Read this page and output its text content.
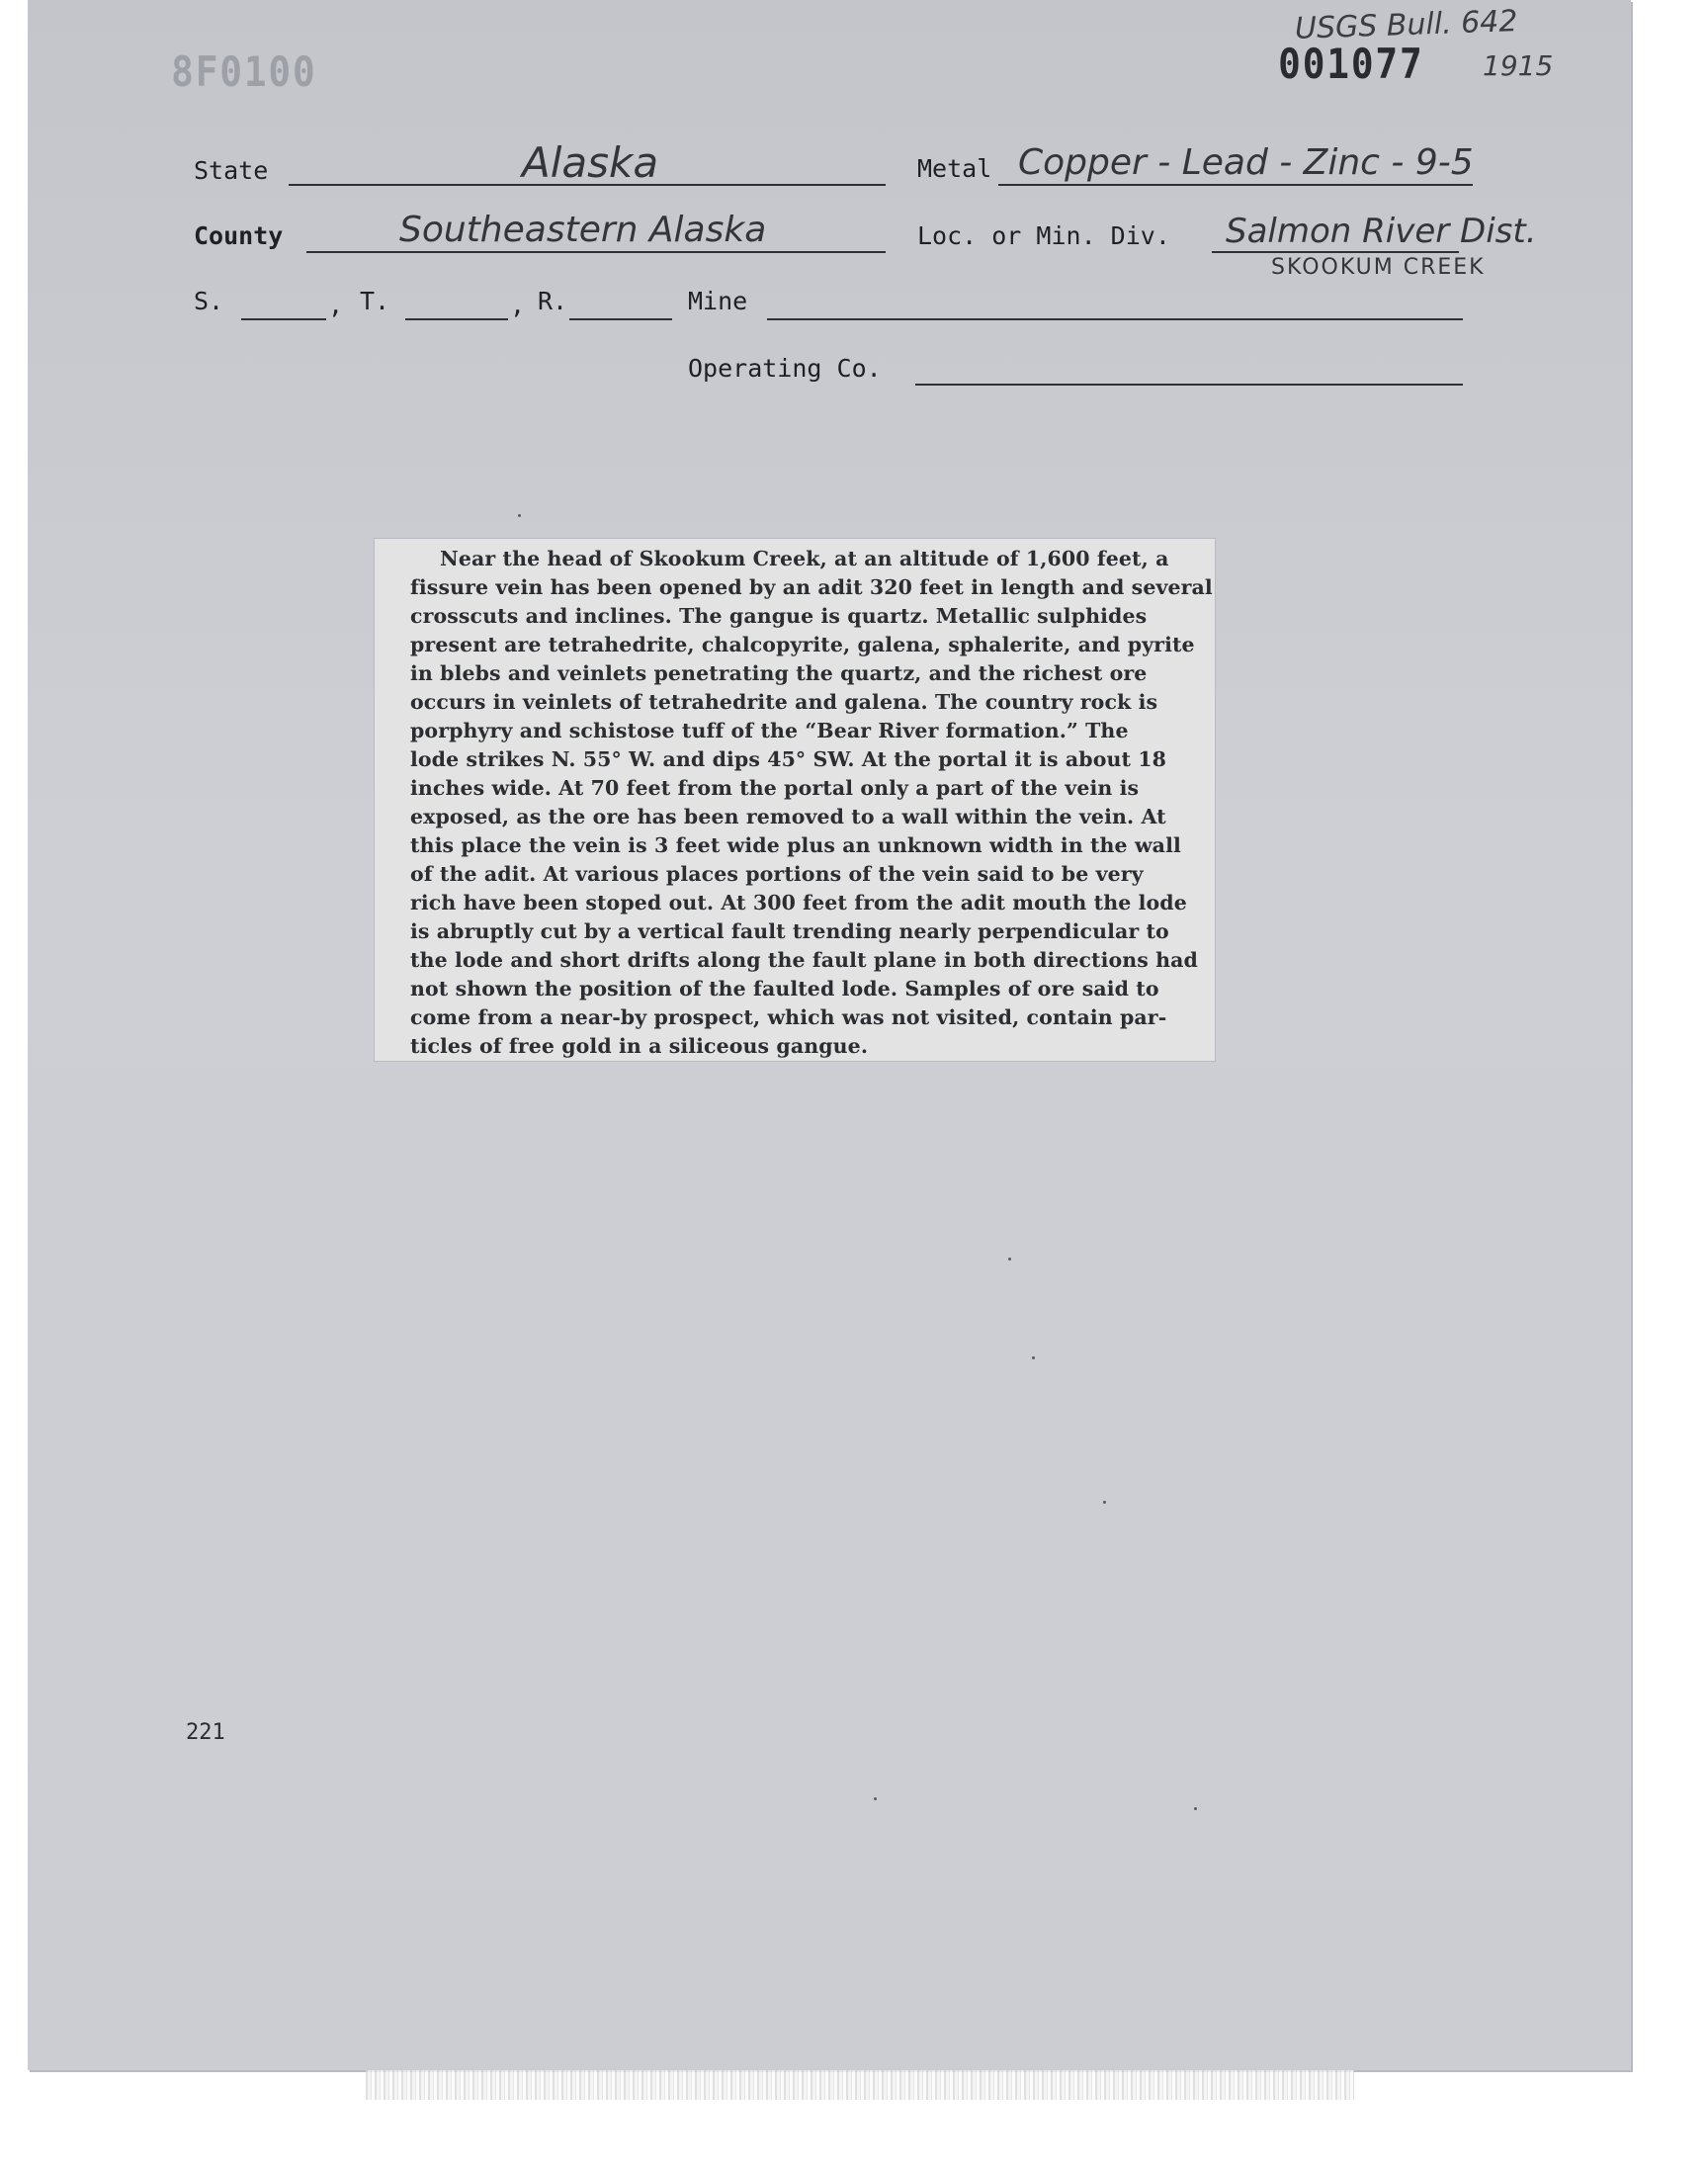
8F0100	001077
USGS Bull. 642
1915
State	Alaska	Metal Copper - Lead - Zinc - 9-5
County	Southeastern Alaska	Loc. or Min. Div. Salmon River Dist.
SKOOKUM CREEK
S.	, T.	, R.	Mine
Operating Co.
Near the head of Skookum Creek, at an altitude of 1,600 feet, a
fissure vein has been opened by an adit 320 feet in length and several
crosscuts and inclines. The gangue is quartz. Metallic sulphides
present are tetrahedrite, chalcopyrite, galena, sphalerite, and pyrite
in blebs and veinlets penetrating the quartz, and the richest ore
occurs in veinlets of tetrahedrite and galena. The country rock is
porphyry and schistose tuff of the “Bear River formation.” The
lode strikes N. 55° W. and dips 45° SW. At the portal it is about 18
inches wide. At 70 feet from the portal only a part of the vein is
exposed, as the ore has been removed to a wall within the vein. At
this place the vein is 3 feet wide plus an unknown width in the wall
of the adit. At various places portions of the vein said to be very
rich have been stoped out. At 300 feet from the adit mouth the lode
is abruptly cut by a vertical fault trending nearly perpendicular to
the lode and short drifts along the fault plane in both directions had
not shown the position of the faulted lode. Samples of ore said to
come from a near-by prospect, which was not visited, contain par-
ticles of free gold in a siliceous gangue.
221
